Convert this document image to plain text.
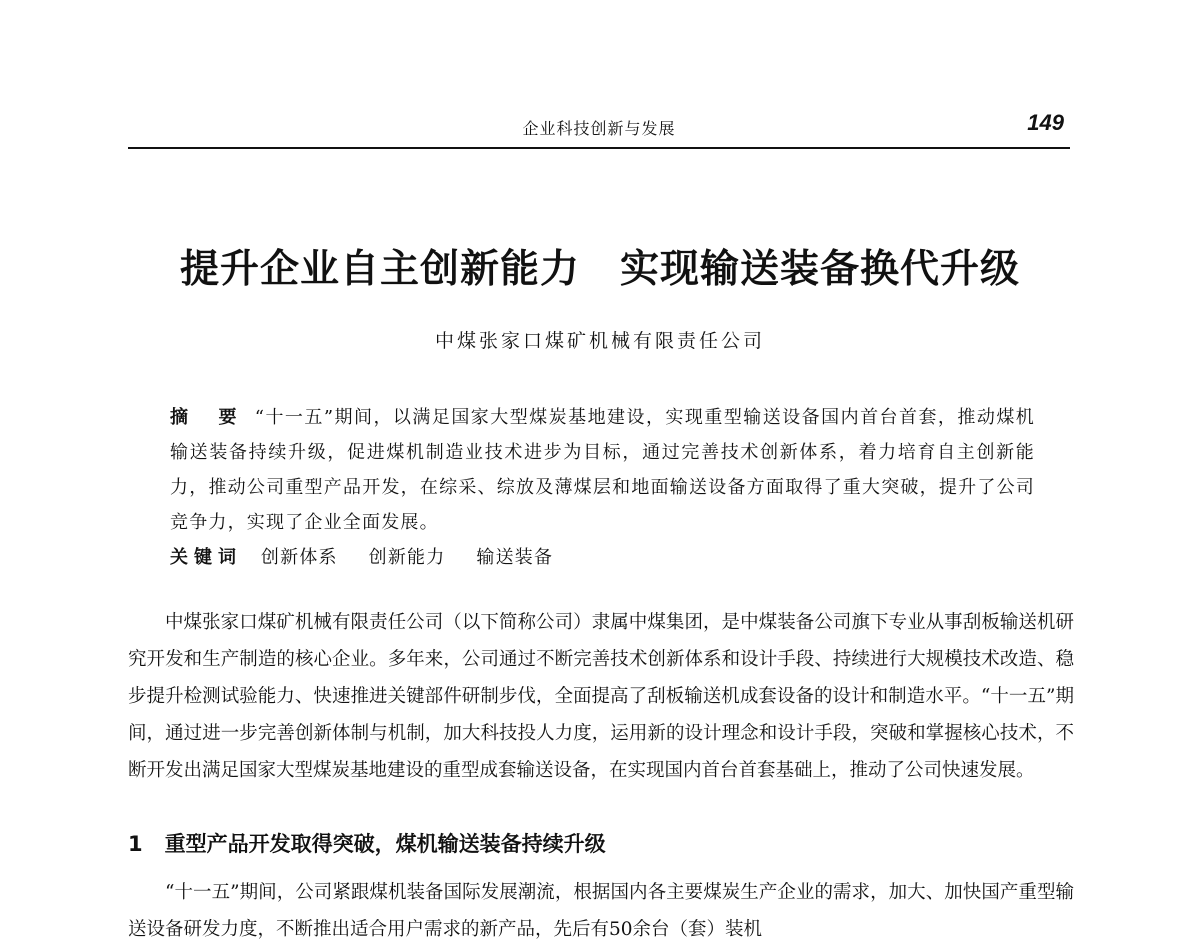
企业科技创新与发展	149
提升企业自主创新能力　实现输送装备换代升级
中煤张家口煤矿机械有限责任公司
摘　要 “十一五”期间，以满足国家大型煤炭基地建设，实现重型输送设备国内首台首套，推动煤机输送装备持续升级，促进煤机制造业技术进步为目标，通过完善技术创新体系，着力培育自主创新能力，推动公司重型产品开发，在综采、综放及薄煤层和地面输送设备方面取得了重大突破，提升了公司竞争力，实现了企业全面发展。
关键词 创新体系 创新能力 输送装备

中煤张家口煤矿机械有限责任公司（以下简称公司）隶属中煤集团，是中煤装备公司旗下专业从事刮板输送机研究开发和生产制造的核心企业。多年来，公司通过不断完善技术创新体系和设计手段、持续进行大规模技术改造、稳步提升检测试验能力、快速推进关键部件研制步伐，全面提高了刮板输送机成套设备的设计和制造水平。“十一五”期间，通过进一步完善创新体制与机制，加大科技投人力度，运用新的设计理念和设计手段，突破和掌握核心技术，不断开发出满足国家大型煤炭基地建设的重型成套输送设备，在实现国内首台首套基础上，推动了公司快速发展。

1 重型产品开发取得突破，煤机输送装备持续升级

“十一五”期间，公司紧跟煤机装备国际发展潮流，根据国内各主要煤炭生产企业的需求，加大、加快国产重型输送设备研发力度，不断推出适合用户需求的新产品，先后有50余台（套）装机
